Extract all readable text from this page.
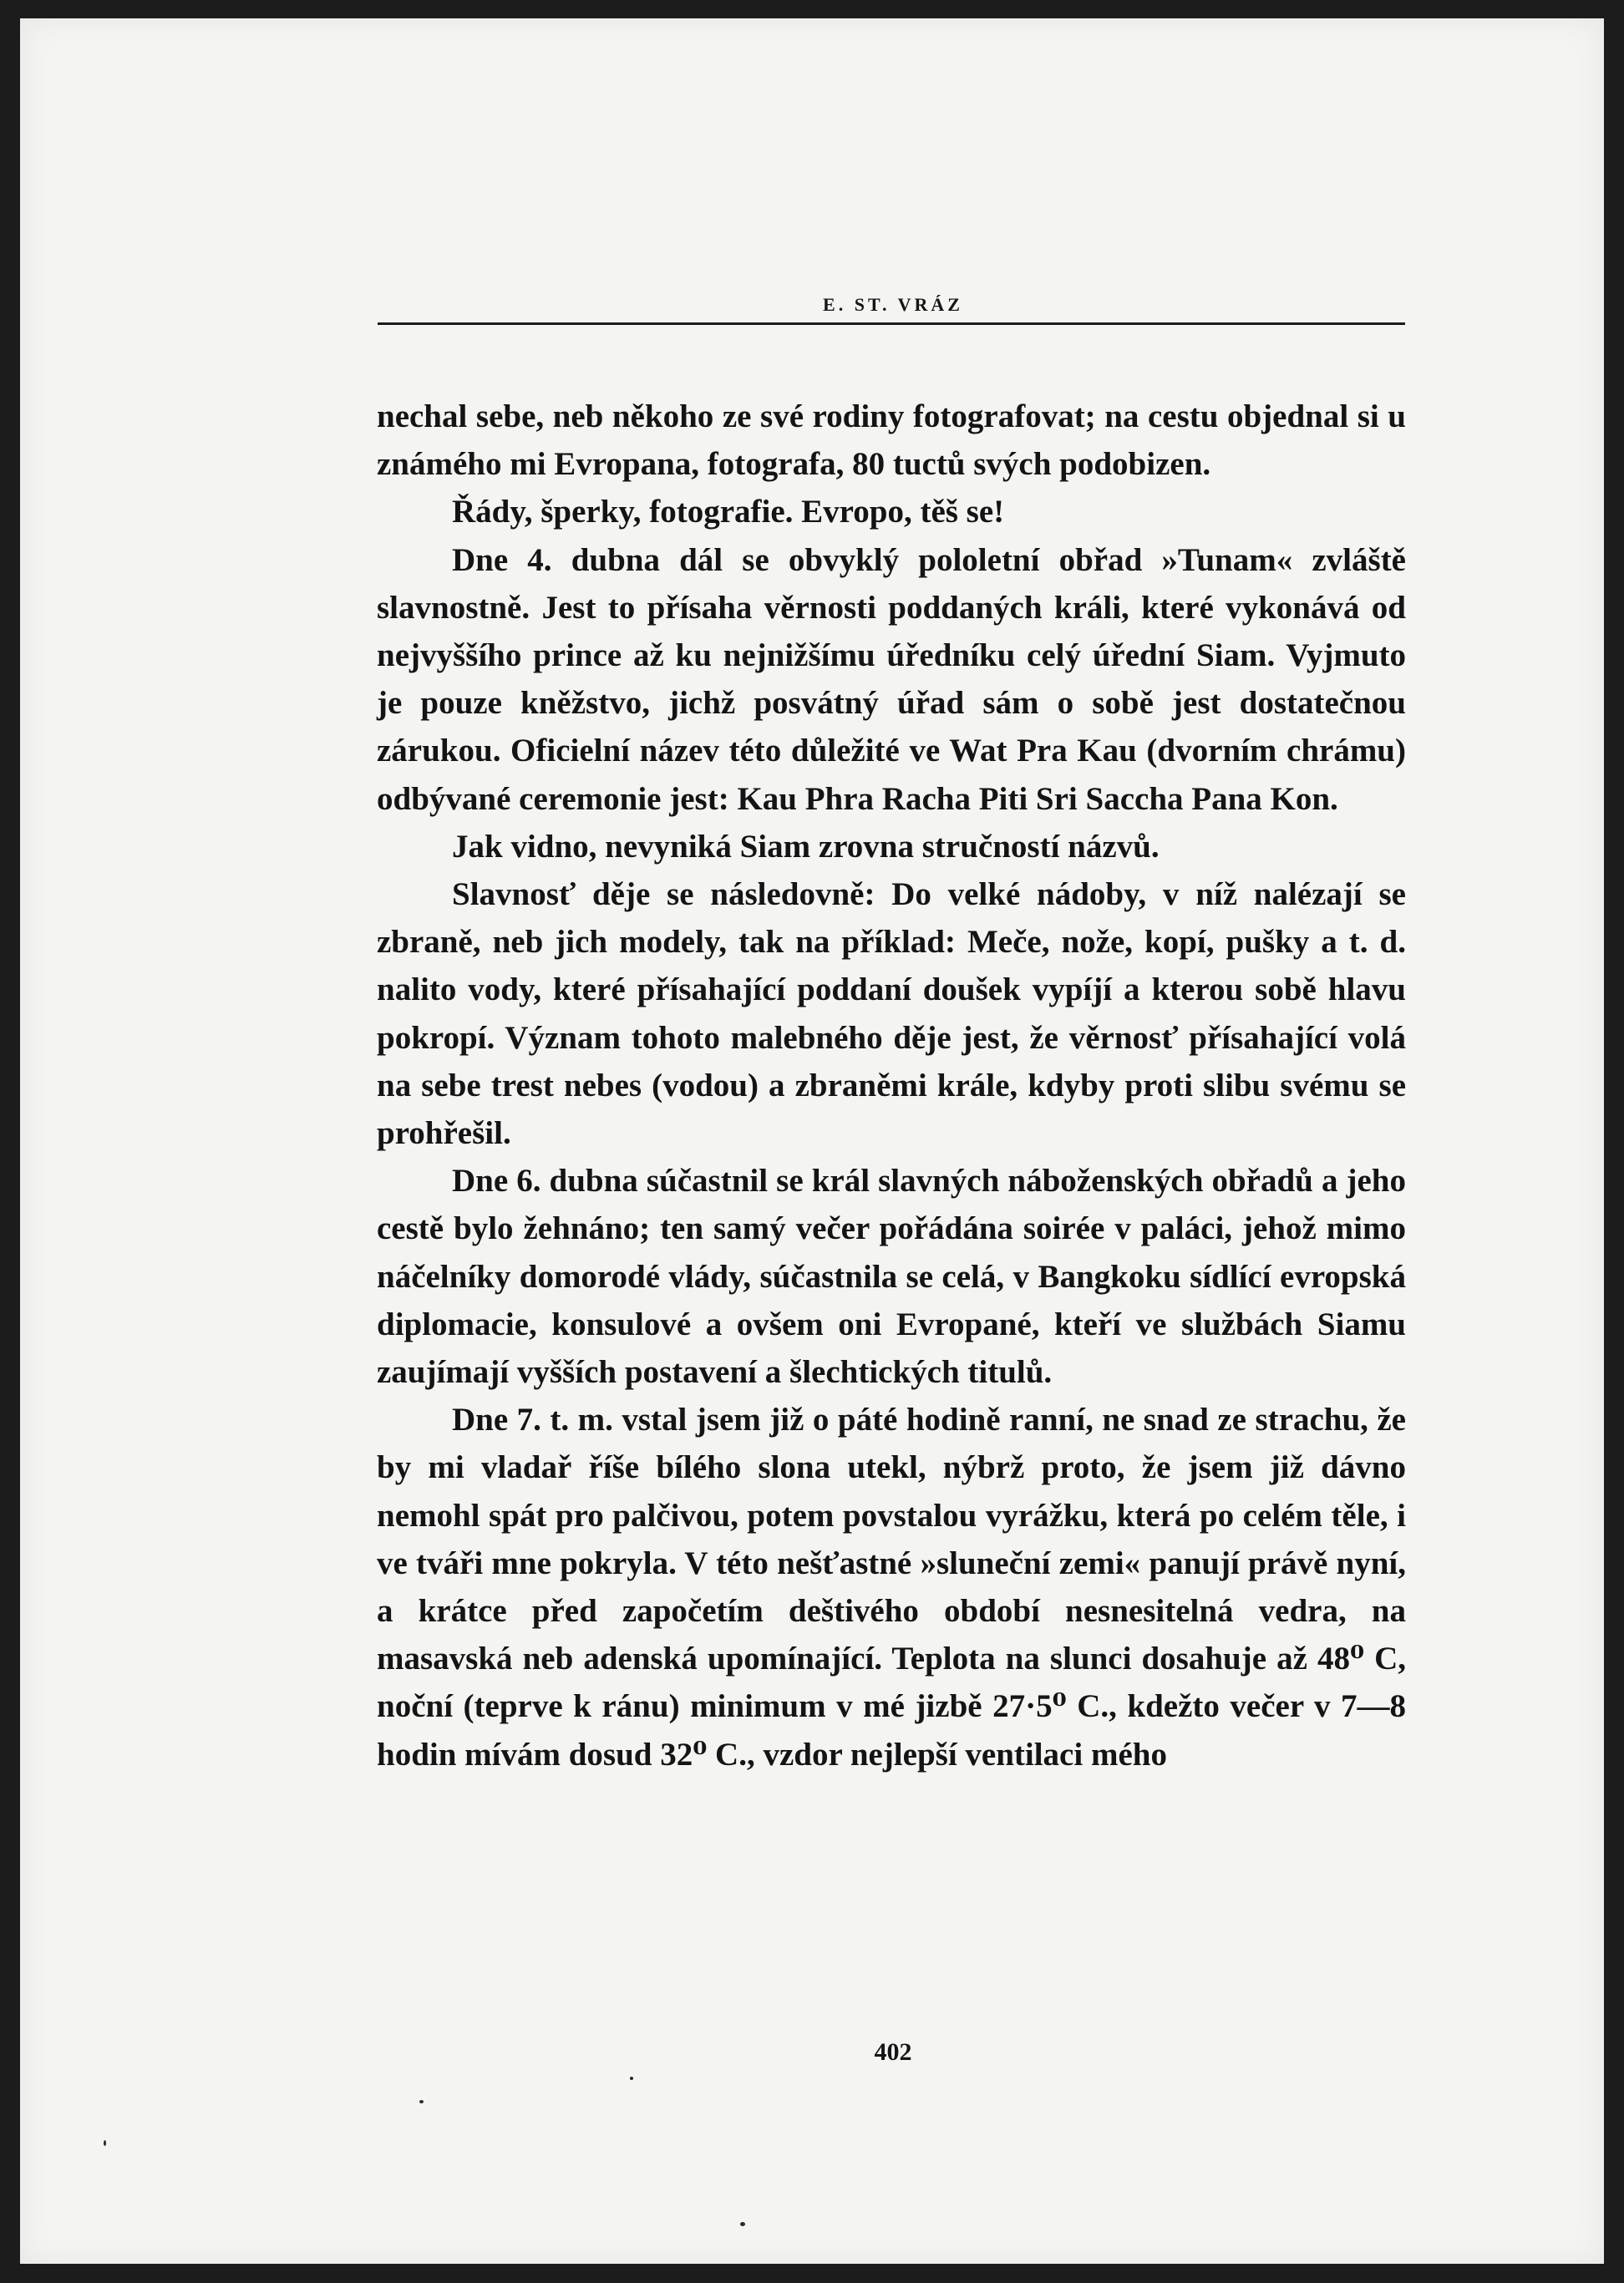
E. ST. VRÁZ

nechal sebe, neb někoho ze své rodiny fotografovat; na cestu objednal si u známého mi Evropana, fotografa, 80 tuctů svých podobizen.

Řády, šperky, fotografie. Evropo, těš se!

Dne 4. dubna dál se obvyklý pololetní obřad »Tunam« zvláště slavnostně. Jest to přísaha věrnosti poddaných králi, které vykonává od nejvyššího prince až ku nejnižšímu úředníku celý úřední Siam. Vyjmuto je pouze kněžstvo, jichž posvátný úřad sám o sobě jest dostatečnou zárukou. Oficielní název této důležité ve Wat Pra Kau (dvorním chrámu) odbývané ceremonie jest: Kau Phra Racha Piti Sri Saccha Pana Kon.

Jak vidno, nevyniká Siam zrovna stručností názvů.

Slavnosť děje se následovně: Do velké nádoby, v níž nalézají se zbraně, neb jich modely, tak na příklad: Meče, nože, kopí, pušky a t. d. nalito vody, které přísahající poddaní doušek vypíjí a kterou sobě hlavu pokropí. Význam tohoto malebného děje jest, že věrnosť přísahající volá na sebe trest nebes (vodou) a zbraněmi krále, kdyby proti slibu svému se prohřešil.

Dne 6. dubna súčastnil se král slavných náboženských obřadů a jeho cestě bylo žehnáno; ten samý večer pořádána soirée v paláci, jehož mimo náčelníky domorodé vlády, súčastnila se celá, v Bangkoku sídlící evropská diplomacie, konsulové a ovšem oni Evropané, kteří ve službách Siamu zaujímají vyšších postavení a šlechtických titulů.

Dne 7. t. m. vstal jsem již o páté hodině ranní, ne snad ze strachu, že by mi vladař říše bílého slona utekl, nýbrž proto, že jsem již dávno nemohl spát pro palčivou, potem povstalou vyrážku, která po celém těle, i ve tváři mne pokryla. V této nešťastné »sluneční zemi« panují právě nyní, a krátce před započetím deštivého období nesnesitelná vedra, na masavská neb adenská upomínající. Teplota na slunci dosahuje až 48⁰ C, noční (teprve k ránu) minimum v mé jizbě 27·5⁰ C., kdežto večer v 7—8 hodin mívám dosud 32⁰ C., vzdor nejlepší ventilaci mého

402
